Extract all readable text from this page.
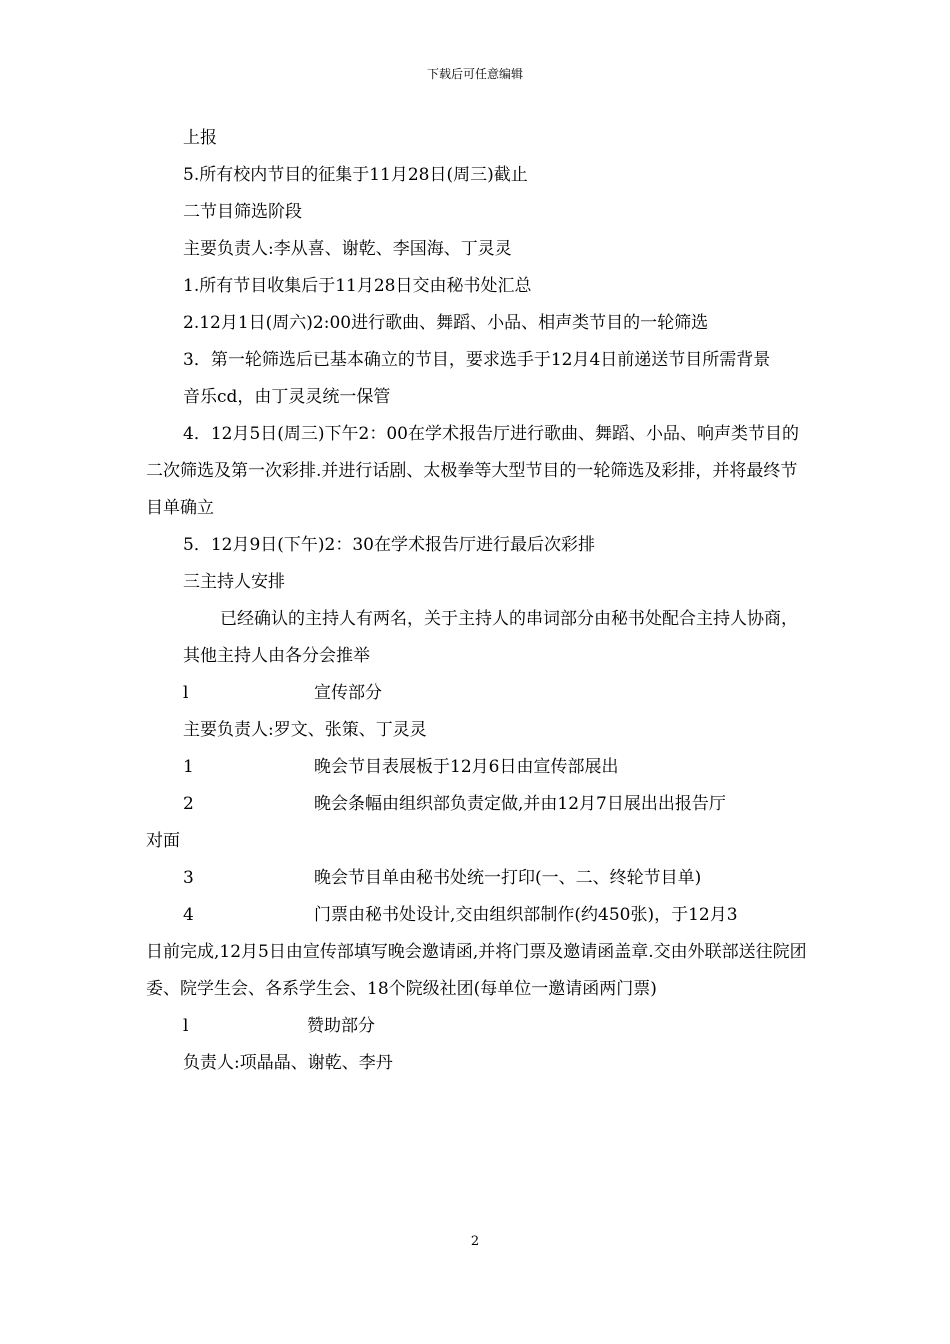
下载后可任意编辑

上报

5.所有校内节目的征集于11月28日(周三)截止

二节目筛选阶段

主要负责人:李从喜、谢乾、李国海、丁灵灵

1.所有节目收集后于11月28日交由秘书处汇总

2.12月1日(周六)2:00进行歌曲、舞蹈、小品、相声类节目的一轮筛选

3．第一轮筛选后已基本确立的节目，要求选手于12月4日前递送节目所需背景

音乐cd，由丁灵灵统一保管

4．12月5日(周三)下午2：00在学术报告厅进行歌曲、舞蹈、小品、响声类节目的二次筛选及第一次彩排.并进行话剧、太极拳等大型节目的一轮筛选及彩排，并将最终节目单确立

5．12月9日(下午)2：30在学术报告厅进行最后次彩排

三主持人安排

已经确认的主持人有两名，关于主持人的串词部分由秘书处配合主持人协商，

其他主持人由各分会推举

l	宣传部分

主要负责人:罗文、张策、丁灵灵

1	晚会节目表展板于12月6日由宣传部展出

2	晚会条幅由组织部负责定做,并由12月7日展出出报告厅

对面

3	晚会节目单由秘书处统一打印(一、二、终轮节目单)

4	门票由秘书处设计,交由组织部制作(约450张)，于12月3

日前完成,12月5日由宣传部填写晚会邀请函,并将门票及邀请函盖章.交由外联部送往院团委、院学生会、各系学生会、18个院级社团(每单位一邀请函两门票)

l	赞助部分

负责人:项晶晶、谢乾、李丹

2
